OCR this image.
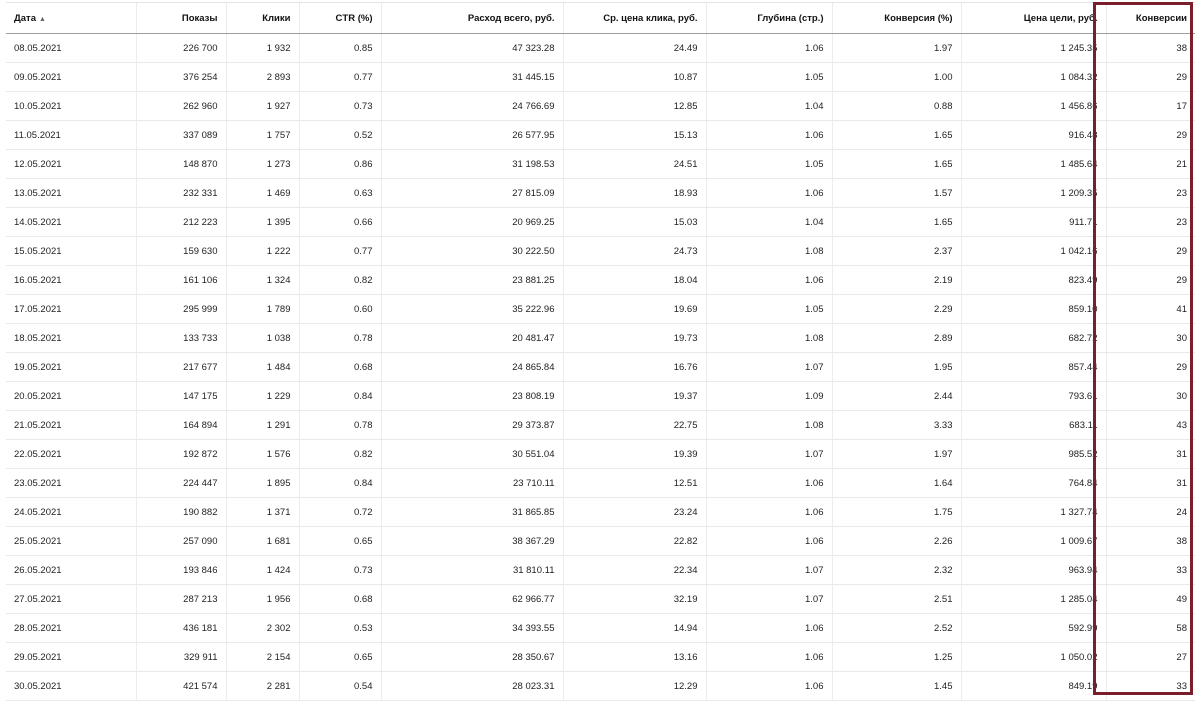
Дата ▲	Показы	Клики	CTR (%)	Расход всего, руб.	Ср. цена клика, руб.	Глубина (стр.)	Конверсия (%)	Цена цели, руб.	Конверсии
08.05.2021	226 700	1 932	0.85	47 323.28	24.49	1.06	1.97	1 245.35	38
09.05.2021	376 254	2 893	0.77	31 445.15	10.87	1.05	1.00	1 084.32	29
10.05.2021	262 960	1 927	0.73	24 766.69	12.85	1.04	0.88	1 456.86	17
11.05.2021	337 089	1 757	0.52	26 577.95	15.13	1.06	1.65	916.48	29
12.05.2021	148 870	1 273	0.86	31 198.53	24.51	1.05	1.65	1 485.64	21
13.05.2021	232 331	1 469	0.63	27 815.09	18.93	1.06	1.57	1 209.35	23
14.05.2021	212 223	1 395	0.66	20 969.25	15.03	1.04	1.65	911.71	23
15.05.2021	159 630	1 222	0.77	30 222.50	24.73	1.08	2.37	1 042.16	29
16.05.2021	161 106	1 324	0.82	23 881.25	18.04	1.06	2.19	823.49	29
17.05.2021	295 999	1 789	0.60	35 222.96	19.69	1.05	2.29	859.10	41
18.05.2021	133 733	1 038	0.78	20 481.47	19.73	1.08	2.89	682.72	30
19.05.2021	217 677	1 484	0.68	24 865.84	16.76	1.07	1.95	857.44	29
20.05.2021	147 175	1 229	0.84	23 808.19	19.37	1.09	2.44	793.61	30
21.05.2021	164 894	1 291	0.78	29 373.87	22.75	1.08	3.33	683.11	43
22.05.2021	192 872	1 576	0.82	30 551.04	19.39	1.07	1.97	985.52	31
23.05.2021	224 447	1 895	0.84	23 710.11	12.51	1.06	1.64	764.84	31
24.05.2021	190 882	1 371	0.72	31 865.85	23.24	1.06	1.75	1 327.74	24
25.05.2021	257 090	1 681	0.65	38 367.29	22.82	1.06	2.26	1 009.67	38
26.05.2021	193 846	1 424	0.73	31 810.11	22.34	1.07	2.32	963.94	33
27.05.2021	287 213	1 956	0.68	62 966.77	32.19	1.07	2.51	1 285.04	49
28.05.2021	436 181	2 302	0.53	34 393.55	14.94	1.06	2.52	592.99	58
29.05.2021	329 911	2 154	0.65	28 350.67	13.16	1.06	1.25	1 050.02	27
30.05.2021	421 574	2 281	0.54	28 023.31	12.29	1.06	1.45	849.19	33
